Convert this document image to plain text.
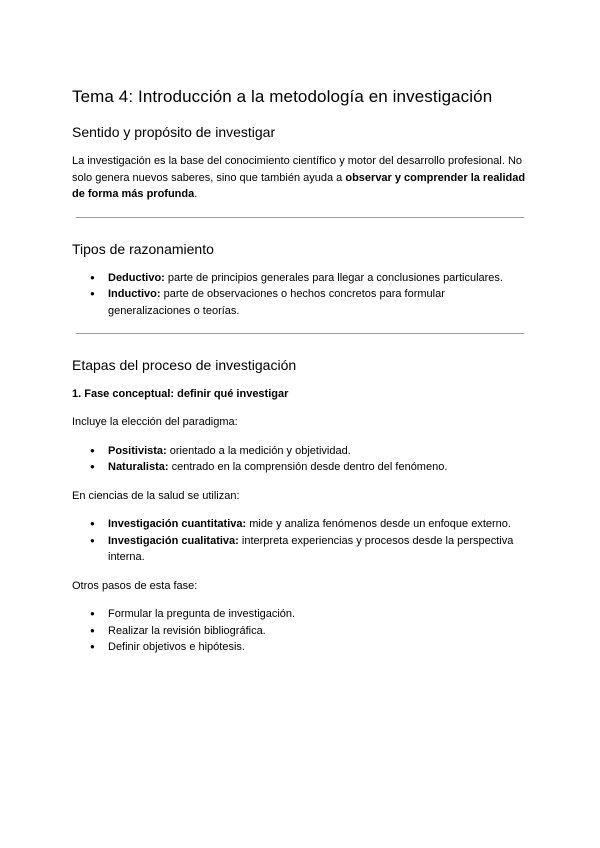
Tema 4: Introducción a la metodología en investigación
Sentido y propósito de investigar

La investigación es la base del conocimiento científico y motor del desarrollo profesional. No solo genera nuevos saberes, sino que también ayuda a observar y comprender la realidad de forma más profunda.

Tipos de razonamiento
● Deductivo: parte de principios generales para llegar a conclusiones particulares.
● Inductivo: parte de observaciones o hechos concretos para formular generalizaciones o teorías.
Etapas del proceso de investigación
1. Fase conceptual: definir qué investigar

Incluye la elección del paradigma:

● Positivista: orientado a la medición y objetividad.
● Naturalista: centrado en la comprensión desde dentro del fenómeno.

En ciencias de la salud se utilizan:

● Investigación cuantitativa: mide y analiza fenómenos desde un enfoque externo.
● Investigación cualitativa: interpreta experiencias y procesos desde la perspectiva interna.

Otros pasos de esta fase:

● Formular la pregunta de investigación.
● Realizar la revisión bibliográfica.
● Definir objetivos e hipótesis.
